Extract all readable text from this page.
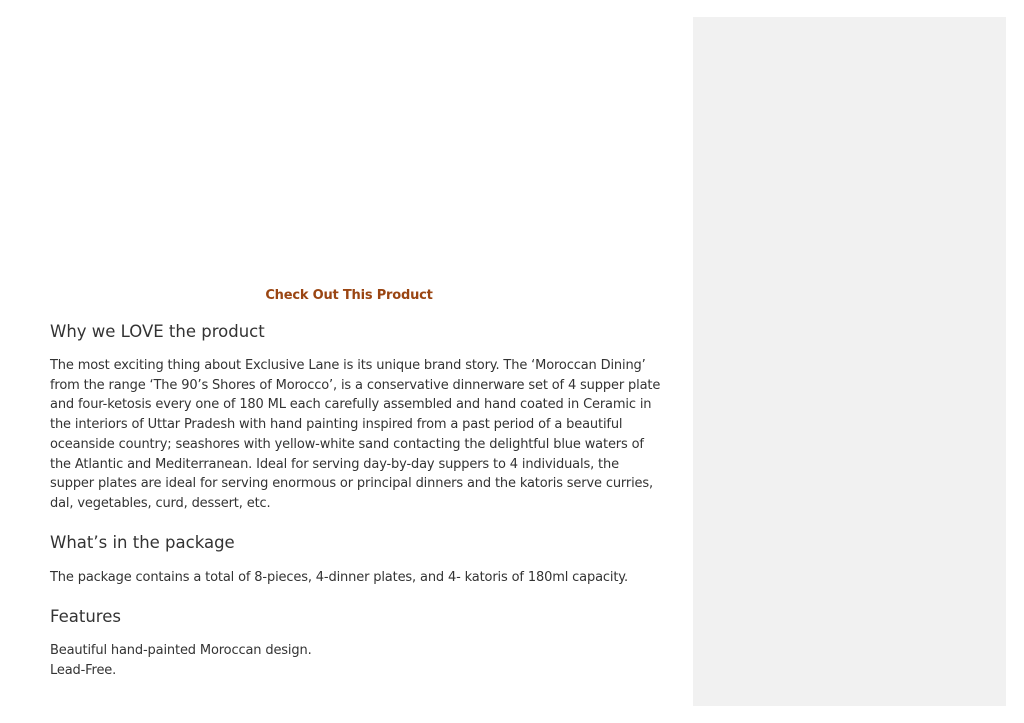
Check Out This Product
Why we LOVE the product

The most exciting thing about Exclusive Lane is its unique brand story. The ‘Moroccan Dining’ from the range ‘The 90’s Shores of Morocco’, is a conservative dinnerware set of 4 supper plate and four-ketosis every one of 180 ML each carefully assembled and hand coated in Ceramic in the interiors of Uttar Pradesh with hand painting inspired from a past period of a beautiful oceanside country; seashores with yellow-white sand contacting the delightful blue waters of the Atlantic and Mediterranean. Ideal for serving day-by-day suppers to 4 individuals, the supper plates are ideal for serving enormous or principal dinners and the katoris serve curries, dal, vegetables, curd, dessert, etc.

What’s in the package

The package contains a total of 8-pieces, 4-dinner plates, and 4- katoris of 180ml capacity.

Features

Beautiful hand-painted Moroccan design.
Lead-Free.
